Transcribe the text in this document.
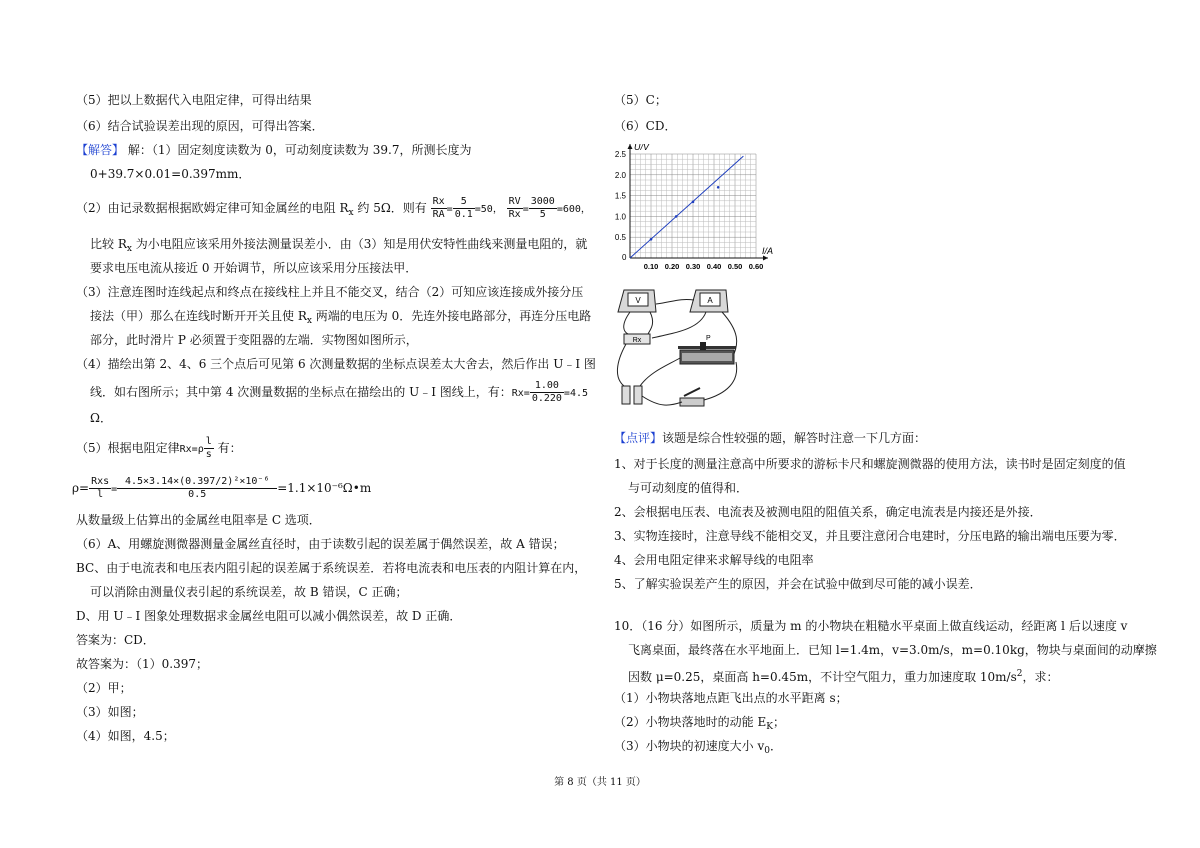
（5）把以上数据代入电阻定律，可得出结果
（6）结合试验误差出现的原因，可得出答案．
【解答】 解：（1）固定刻度读数为 0，可动刻度读数为 39.7，所测长度为
0+39.7×0.01=0.397mm．
（2）由记录数据根据欧姆定律可知金属丝的电阻 $R_x$ 约 5Ω．则有 $\frac{Rx}{RA} = \frac{5}{0.1} =50$， $\frac{RV}{Rx} = \frac{3000}{5} =600$，
比较 $R_x$ 为小电阻应该采用外接法测量误差小．由（3）知是用伏安特性曲线来测量电阻的，就
要求电压电流从接近 0 开始调节，所以应该采用分压接法甲．
（3）注意连图时连线起点和终点在接线柱上并且不能交叉，结合（2）可知应该连接成外接分压
接法（甲）那么在连线时断开开关且使 $R_x$ 两端的电压为 0．先连外接电路部分，再连分压电路
部分，此时滑片 P 必须置于变阻器的左端．实物图如图所示，
（4）描绘出第 2、4、6 三个点后可见第 6 次测量数据的坐标点误差太大舍去，然后作出 U﹣I 图
线．如右图所示；其中第 4 次测量数据的坐标点在描绘出的 U﹣I 图线上，有：$Rx= \frac{1.00}{0.220} =4.5$
Ω．
（5）根据电阻定律$Rx=\rho \frac{l}{s}$ 有：
$\rho= \frac{\text{Rxs}}{l} = \frac{\text{4.5×3.14×(0.397/2)²×10⁻⁶}}{0.5}$ =1.1×10⁻⁶Ω•m
从数量级上估算出的金属丝电阻率是 C 选项．
（6）A、用螺旋测微器测量金属丝直径时，由于读数引起的误差属于偶然误差，故 A 错误；
BC、由于电流表和电压表内阻引起的误差属于系统误差．若将电流表和电压表的内阻计算在内，
可以消除由测量仪表引起的系统误差，故 B 错误，C 正确；
D、用 U﹣I 图象处理数据求金属丝电阻可以减小偶然误差，故 D 正确．
答案为：CD．
故答案为：（1）0.397；
（2）甲；
（3）如图；
（4）如图，4.5；
（5）C；
（6）CD．
U/V
I/A
0
0.5
1.0
1.5
2.0
2.5
0.10 0.20 0.30 0.40 0.50 0.60
V	A
Rx	P
【点评】该题是综合性较强的题，解答时注意一下几方面：
1、对于长度的测量注意高中所要求的游标卡尺和螺旋测微器的使用方法，读书时是固定刻度的值
与可动刻度的值得和．
2、会根据电压表、电流表及被测电阻的阻值关系，确定电流表是内接还是外接．
3、实物连接时，注意导线不能相交叉，并且要注意闭合电建时，分压电路的输出端电压要为零．
4、会用电阻定律来求解导线的电阻率
5、了解实验误差产生的原因，并会在试验中做到尽可能的减小误差．
10．（16 分）如图所示，质量为 m 的小物块在粗糙水平桌面上做直线运动，经距离 l 后以速度 v
飞离桌面，最终落在水平地面上．已知 l=1.4m，v=3.0m/s，m=0.10kg，物块与桌面间的动摩擦
因数 μ=0.25，桌面高 h=0.45m，不计空气阻力，重力加速度取 $10m/s^2$，求：
（1）小物块落地点距飞出点的水平距离 s；
（2）小物块落地时的动能 $E_K$；
（3）小物块的初速度大小 $v_0$．
第 8 页（共 11 页）
